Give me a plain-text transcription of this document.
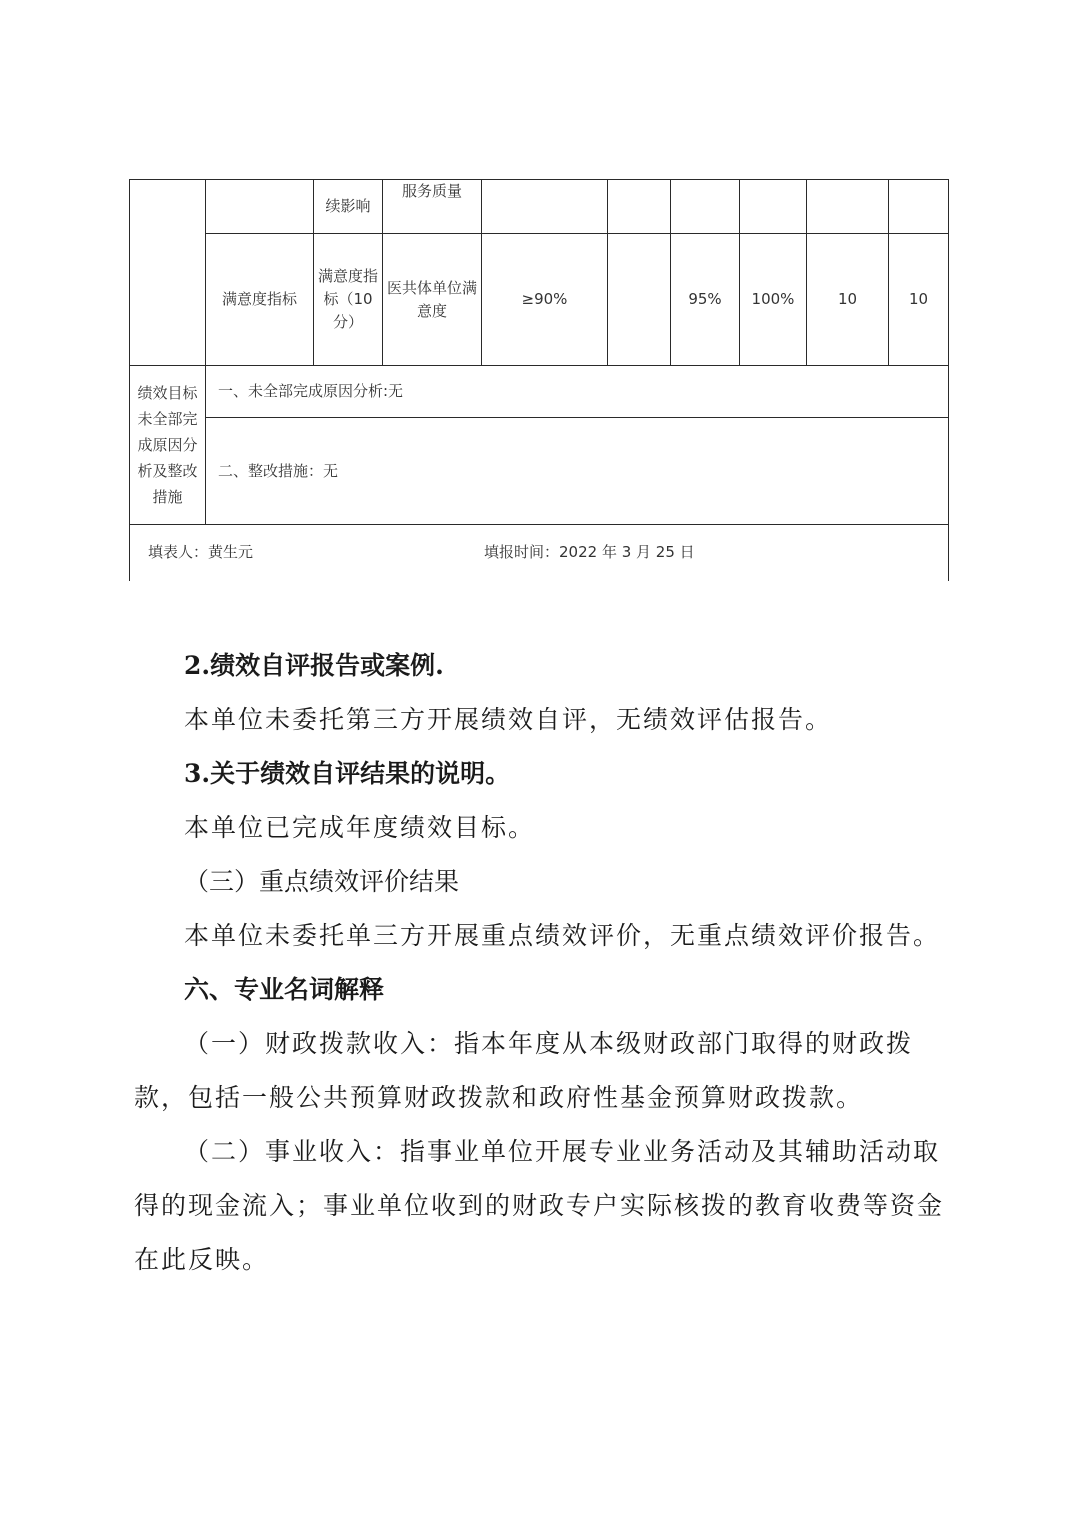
		续影响	服务质量						
	满意度指标	满意度指标（10分）	医共体单位满意度	≥90%		95%	100%	10	10
绩效目标未全部完成原因分析及整改措施	一、未全部完成原因分析:无								
	二、整改措施：无								

填表人：黄生元 填报时间：2022 年 3 月 25 日									

2.绩效自评报告或案例.

本单位未委托第三方开展绩效自评，无绩效评估报告。

3.关于绩效自评结果的说明。

本单位已完成年度绩效目标。

（三）重点绩效评价结果

本单位未委托单三方开展重点绩效评价，无重点绩效评价报告。

六、专业名词解释

（一）财政拨款收入：指本年度从本级财政部门取得的财政拨款，包括一般公共预算财政拨款和政府性基金预算财政拨款。

（二）事业收入：指事业单位开展专业业务活动及其辅助活动取得的现金流入；事业单位收到的财政专户实际核拨的教育收费等资金在此反映。
